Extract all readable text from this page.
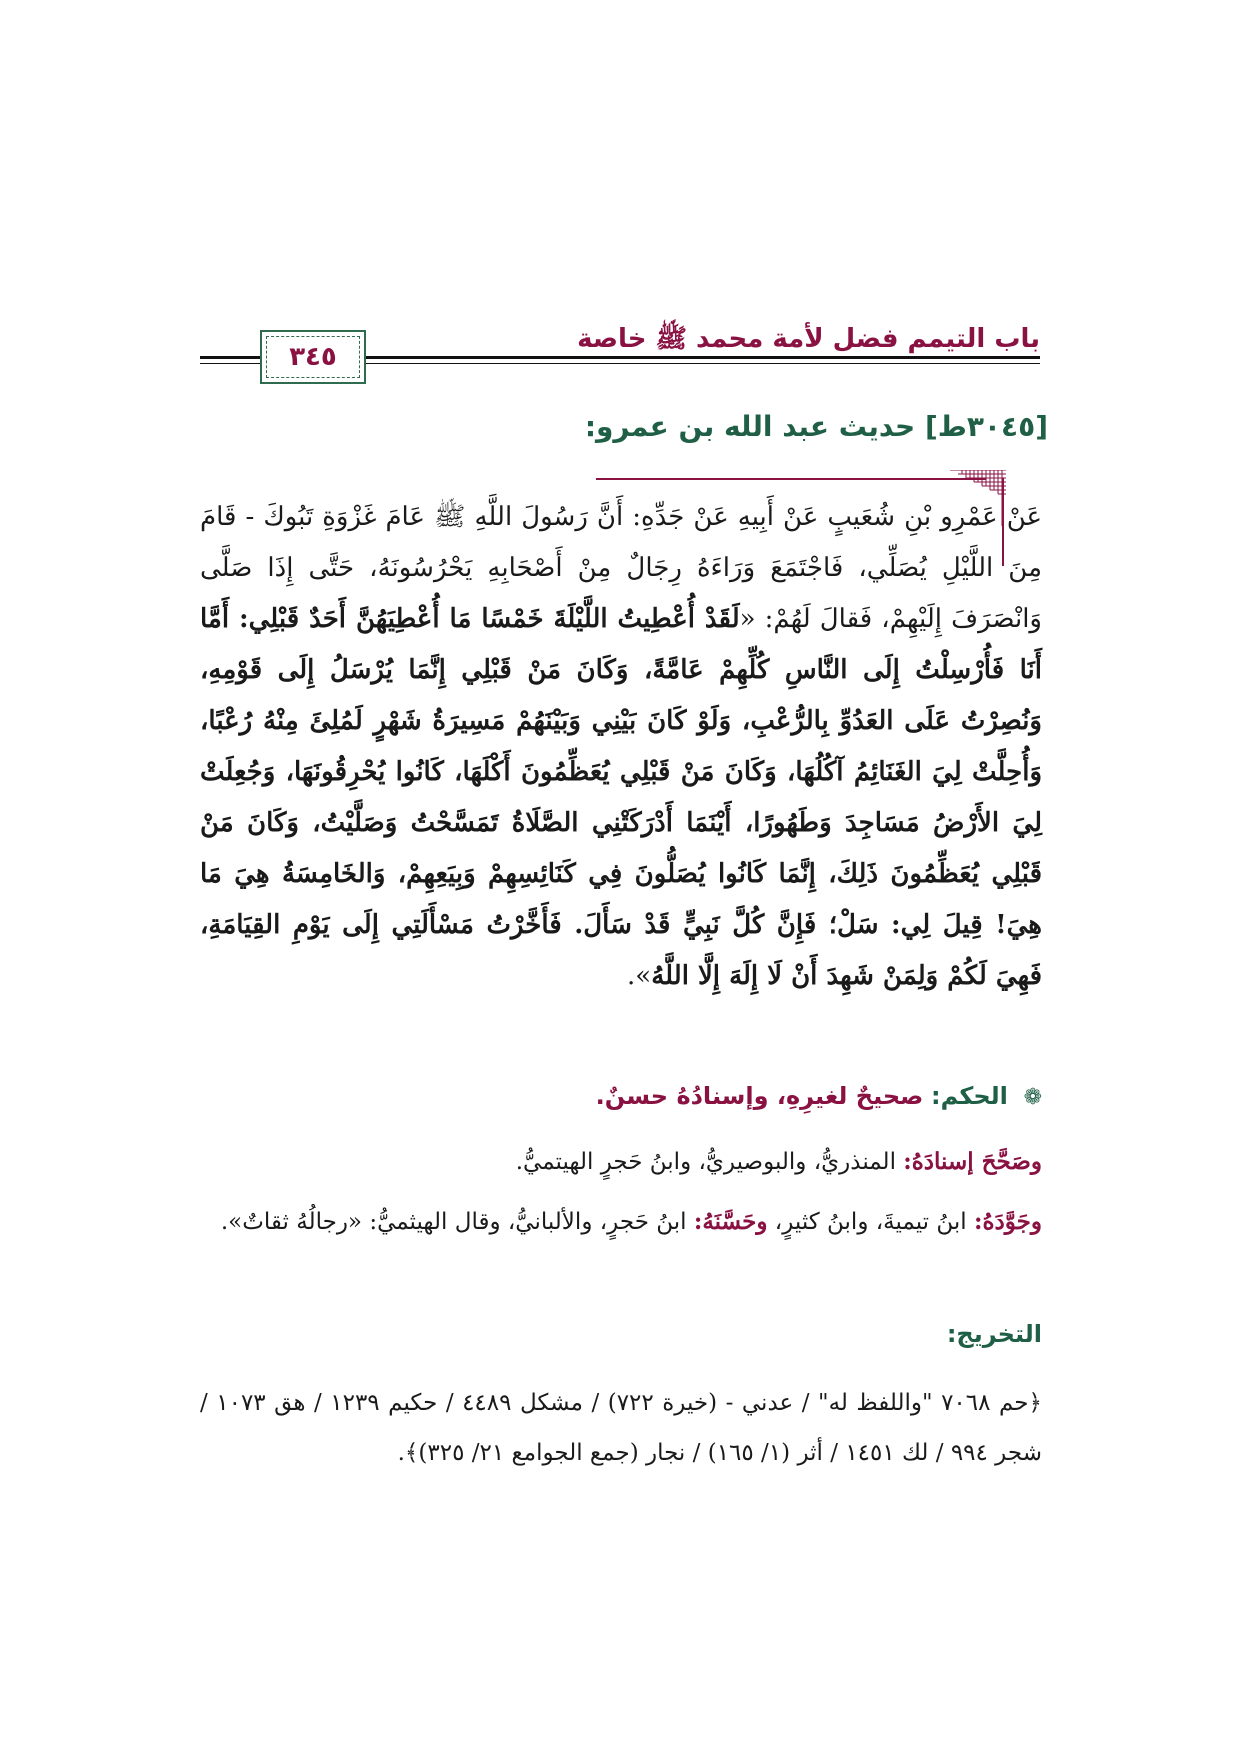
باب التيمم فضل لأمة محمد ﷺ خاصة
٣٤٥
[٣٠٤٥ط] حديث عبد الله بن عمرو:
عَنْ عَمْرِو بْنِ شُعَيبٍ عَنْ أَبِيهِ عَنْ جَدِّهِ: أَنَّ رَسُولَ اللَّهِ ﷺ عَامَ غَزْوَةِ تَبُوكَ - قَامَ مِنَ اللَّيْلِ يُصَلِّي، فَاجْتَمَعَ وَرَاءَهُ رِجَالٌ مِنْ أَصْحَابِهِ يَحْرُسُونَهُ، حَتَّى إِذَا صَلَّى وَانْصَرَفَ إِلَيْهِمْ، فَقالَ لَهُمْ: «لَقَدْ أُعْطِيتُ اللَّيْلَةَ خَمْسًا مَا أُعْطِيَهُنَّ أَحَدٌ قَبْلِي: أَمَّا أَنَا فَأُرْسِلْتُ إِلَى النَّاسِ كُلِّهِمْ عَامَّةً، وَكَانَ مَنْ قَبْلِي إِنَّمَا يُرْسَلُ إِلَى قَوْمِهِ، وَنُصِرْتُ عَلَى العَدُوِّ بِالرُّعْبِ، وَلَوْ كَانَ بَيْنِي وَبَيْنَهُمْ مَسِيرَةُ شَهْرٍ لَمُلِئَ مِنْهُ رُعْبًا، وَأُحِلَّتْ لِيَ الغَنَائِمُ آكُلُهَا، وَكَانَ مَنْ قَبْلِي يُعَظِّمُونَ أَكْلَهَا، كَانُوا يُحْرِقُونَهَا، وَجُعِلَتْ لِيَ الأَرْضُ مَسَاجِدَ وَطَهُورًا، أَيْنَمَا أَدْرَكَتْنِي الصَّلَاةُ تَمَسَّحْتُ وَصَلَّيْتُ، وَكَانَ مَنْ قَبْلِي يُعَظِّمُونَ ذَلِكَ، إِنَّمَا كَانُوا يُصَلُّونَ فِي كَنَائِسِهِمْ وَبِيَعِهِمْ، وَالخَامِسَةُ هِيَ مَا هِيَ! قِيلَ لِي: سَلْ؛ فَإِنَّ كُلَّ نَبِيٍّ قَدْ سَأَلَ. فَأَخَّرْتُ مَسْأَلَتِي إِلَى يَوْمِ القِيَامَةِ، فَهِيَ لَكُمْ وَلِمَنْ شَهِدَ أَنْ لَا إِلَهَ إِلَّا اللَّهُ».
❁ الحكم: صحيحٌ لغيرِهِ، وإسنادُهُ حسنٌ.
وصَحَّحَ إسنادَهُ: المنذريُّ، والبوصيريُّ، وابنُ حَجرٍ الهيتميُّ.
وجَوَّدَهُ: ابنُ تيميةَ، وابنُ كثيرٍ، وحَسَّنَهُ: ابنُ حَجرٍ، والألبانيُّ، وقال الهيثميُّ: «رجالُهُ ثقاتٌ».
التخريج:
﴿حم ٧٠٦٨ "واللفظ له" / عدني - (خيرة ٧٢٢) / مشكل ٤٤٨٩ / حكيم ١٢٣٩ / هق ١٠٧٣ / شجر ٩٩٤ / لك ١٤٥١ / أثر (١/ ١٦٥) / نجار (جمع الجوامع ٢١/ ٣٢٥)﴾.
